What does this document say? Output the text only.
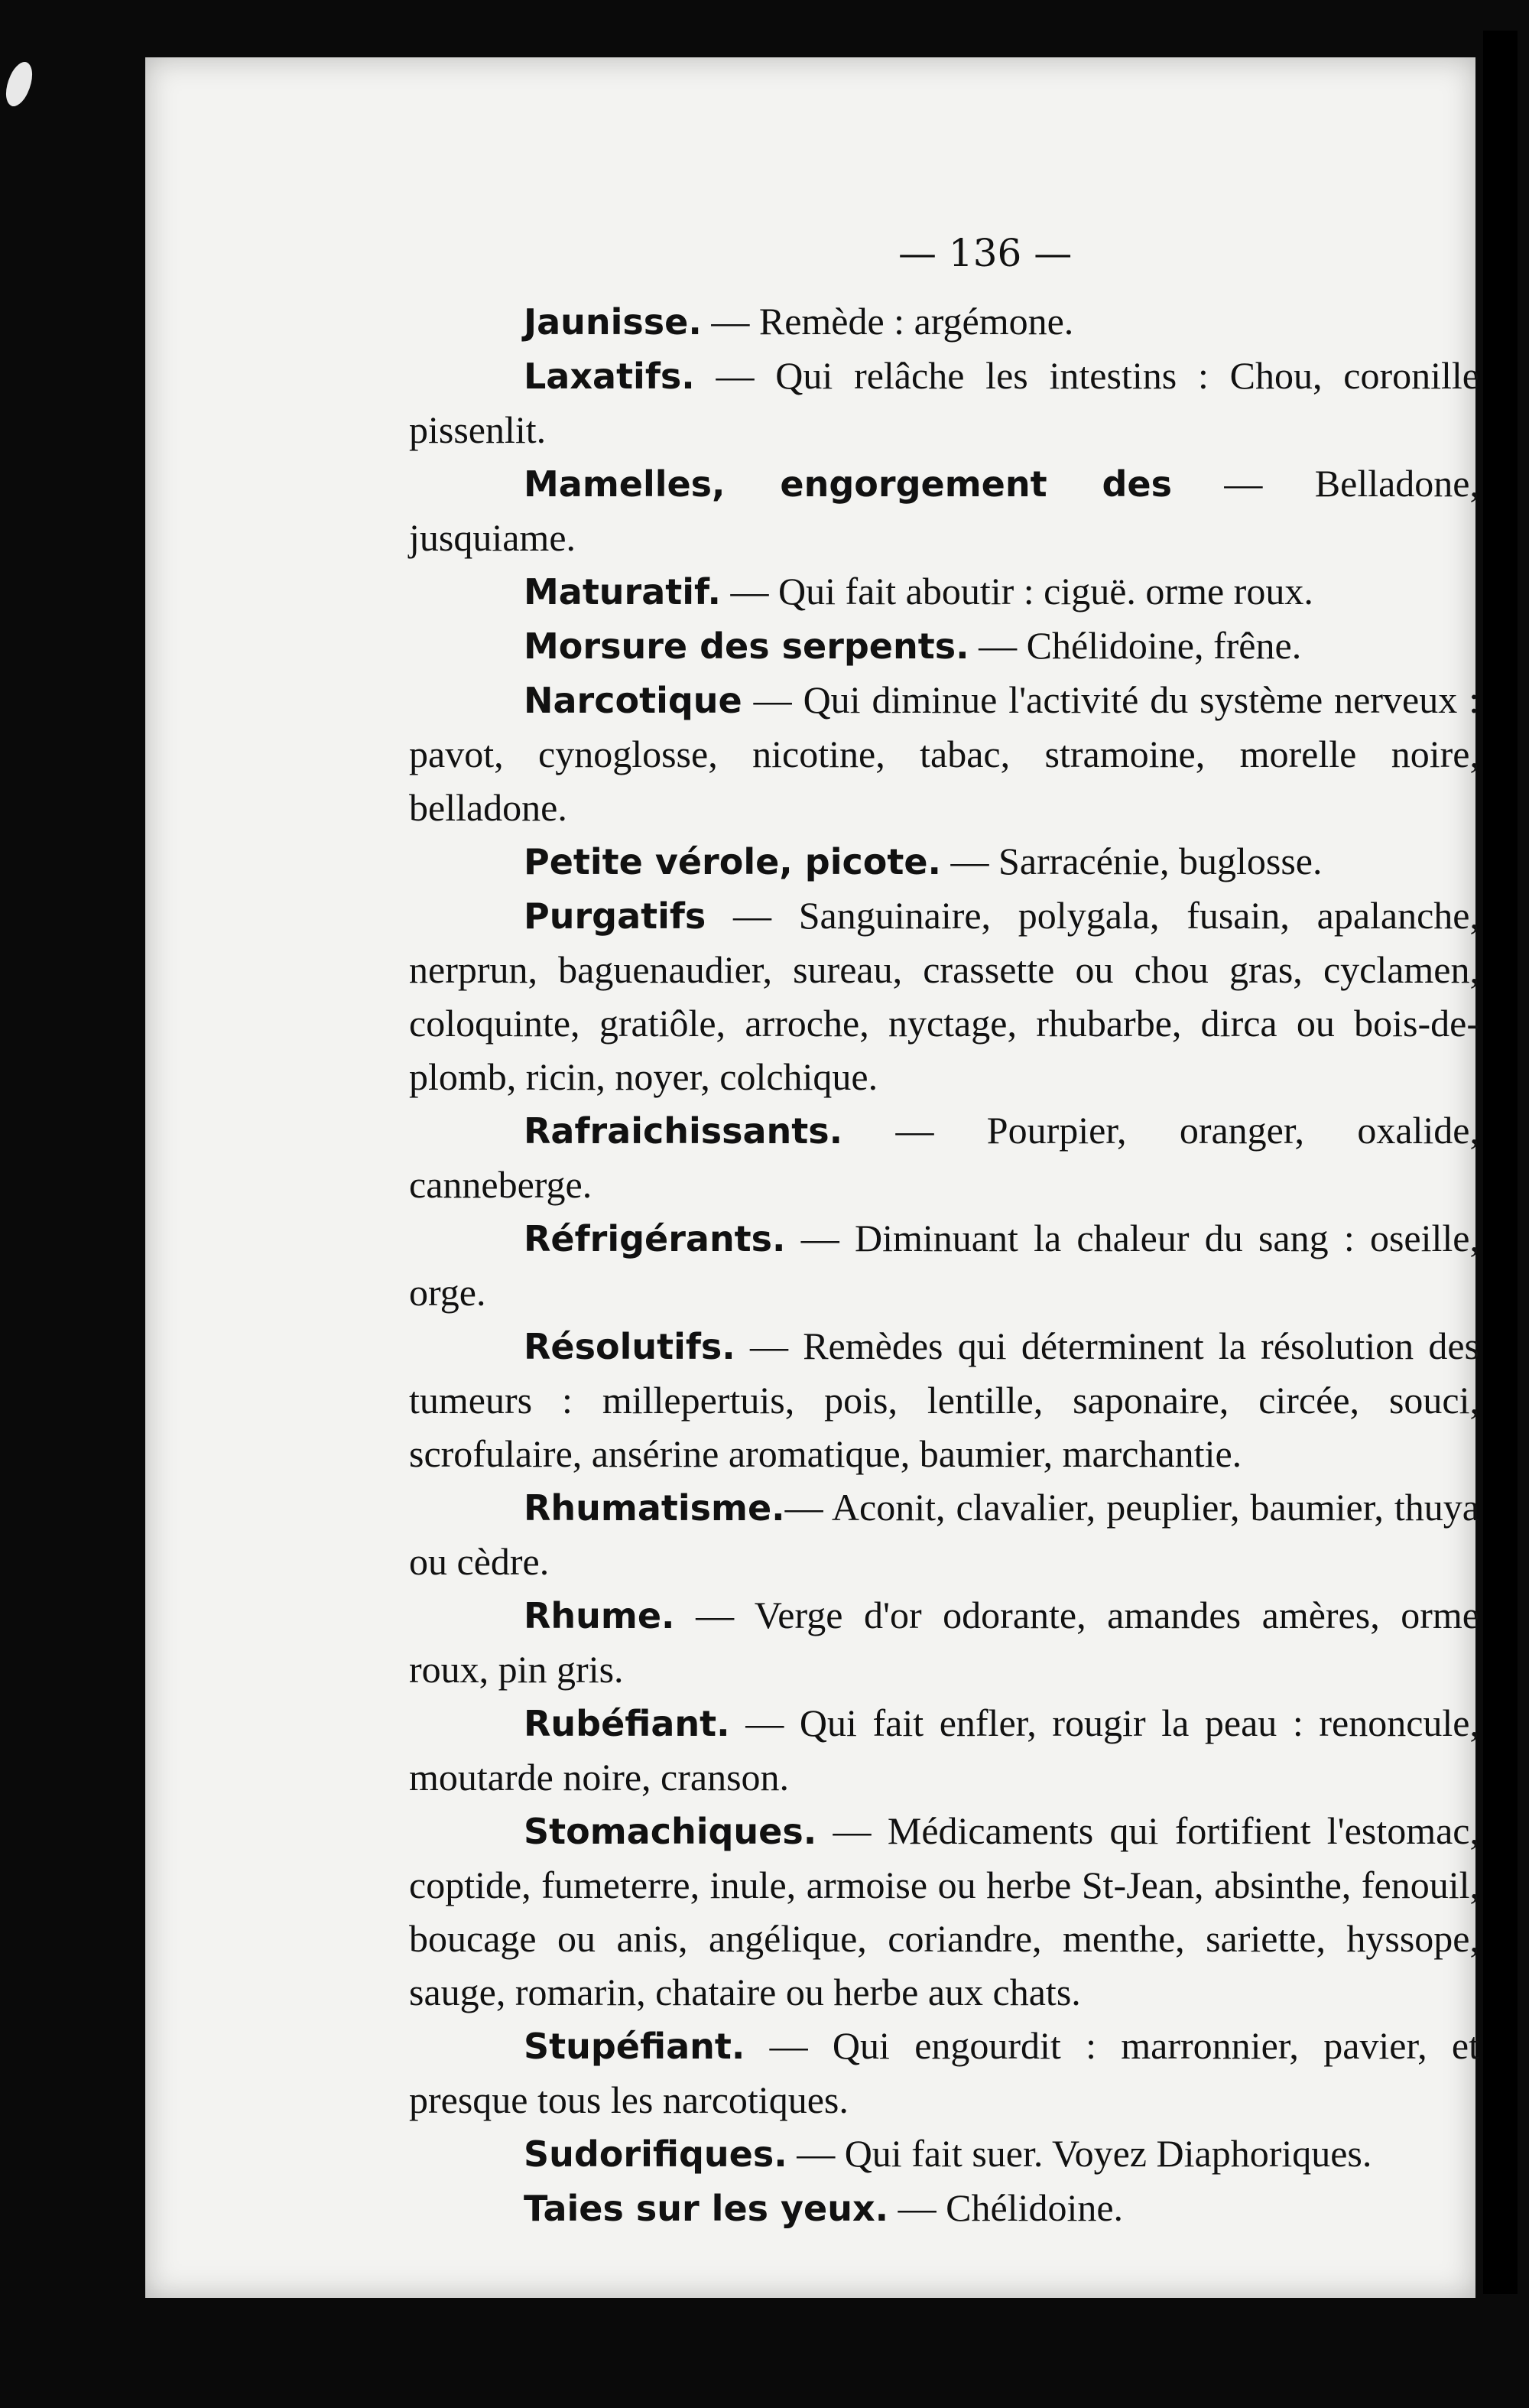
— 136 —

Jaunisse. — Remède : argémone.

Laxatifs. — Qui relâche les intestins : Chou, coronille pissenlit.

Mamelles, engorgement des — Belladone, jusquiame.

Maturatif. — Qui fait aboutir : ciguë. orme roux.

Morsure des serpents. — Chélidoine, frêne.

Narcotique — Qui diminue l'activité du système nerveux : pavot, cynoglosse, nicotine, tabac, stramoine, morelle noire, belladone.

Petite vérole, picote. — Sarracénie, buglosse.

Purgatifs — Sanguinaire, polygala, fusain, apalanche, nerprun, baguenaudier, sureau, crassette ou chou gras, cyclamen, coloquinte, gratiôle, arroche, nyctage, rhubarbe, dirca ou bois-de-plomb, ricin, noyer, colchique.

Rafraichissants. — Pourpier, oranger, oxalide, canneberge.

Réfrigérants. — Diminuant la chaleur du sang : oseille, orge.

Résolutifs. — Remèdes qui déterminent la résolution des tumeurs : millepertuis, pois, lentille, saponaire, circée, souci, scrofulaire, ansérine aromatique, baumier, marchantie.

Rhumatisme.— Aconit, clavalier, peuplier, baumier, thuya ou cèdre.

Rhume. — Verge d'or odorante, amandes amères, orme roux, pin gris.

Rubéfiant. — Qui fait enfler, rougir la peau : renoncule, moutarde noire, cranson.

Stomachiques. — Médicaments qui fortifient l'estomac, coptide, fumeterre, inule, armoise ou herbe St-Jean, absinthe, fenouil, boucage ou anis, angélique, coriandre, menthe, sariette, hyssope, sauge, romarin, chataire ou herbe aux chats.

Stupéfiant. — Qui engourdit : marronnier, pavier, et presque tous les narcotiques.

Sudorifiques. — Qui fait suer. Voyez Diaphoriques.

Taies sur les yeux. — Chélidoine.
